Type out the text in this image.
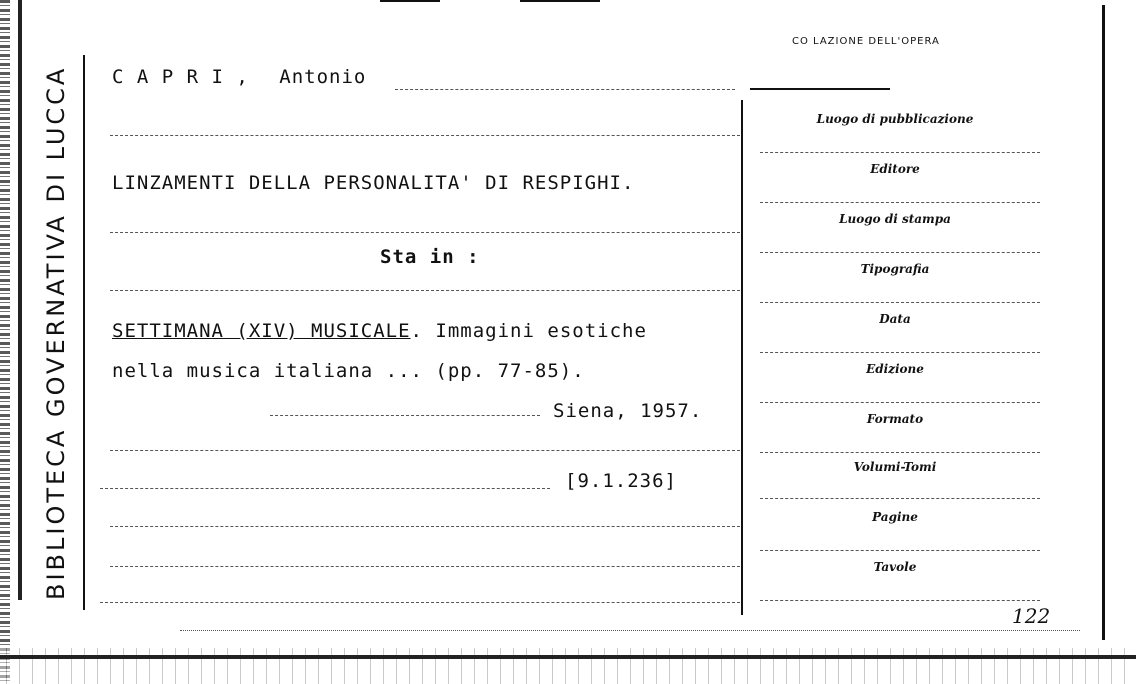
BIBLIOTECA GOVERNATIVA DI LUCCA
CO LAZIONE DELL'OPERA
C A P R I , Antonio
LINZAMENTI DELLA PERSONALITA' DI RESPIGHI.
Sta in :
SETTIMANA (XIV) MUSICALE. Immagini esotiche
nella musica italiana ... (pp. 77-85).
Siena, 1957.
[9.1.236]
Luogo di pubblicazione
Editore
Luogo di stampa
Tipografia
Data
Edizione
Formato
Volumi-Tomi
Pagine
Tavole
122
